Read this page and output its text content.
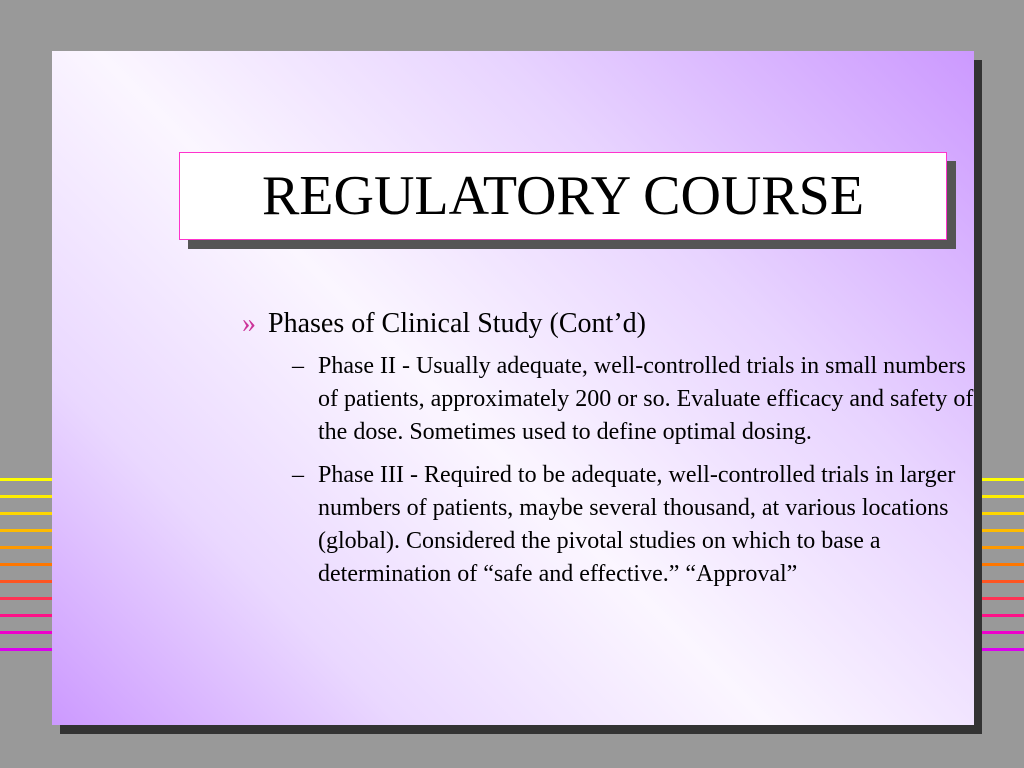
REGULATORY COURSE
» Phases of Clinical Study (Cont’d)
– Phase II - Usually adequate, well-controlled trials in small numbers of patients, approximately 200 or so. Evaluate efficacy and safety of the dose. Sometimes used to define optimal dosing.
– Phase III - Required to be adequate, well-controlled trials in larger numbers of patients, maybe several thousand, at various locations (global). Considered the pivotal studies on which to base a determination of “safe and effective.” “Approval”
